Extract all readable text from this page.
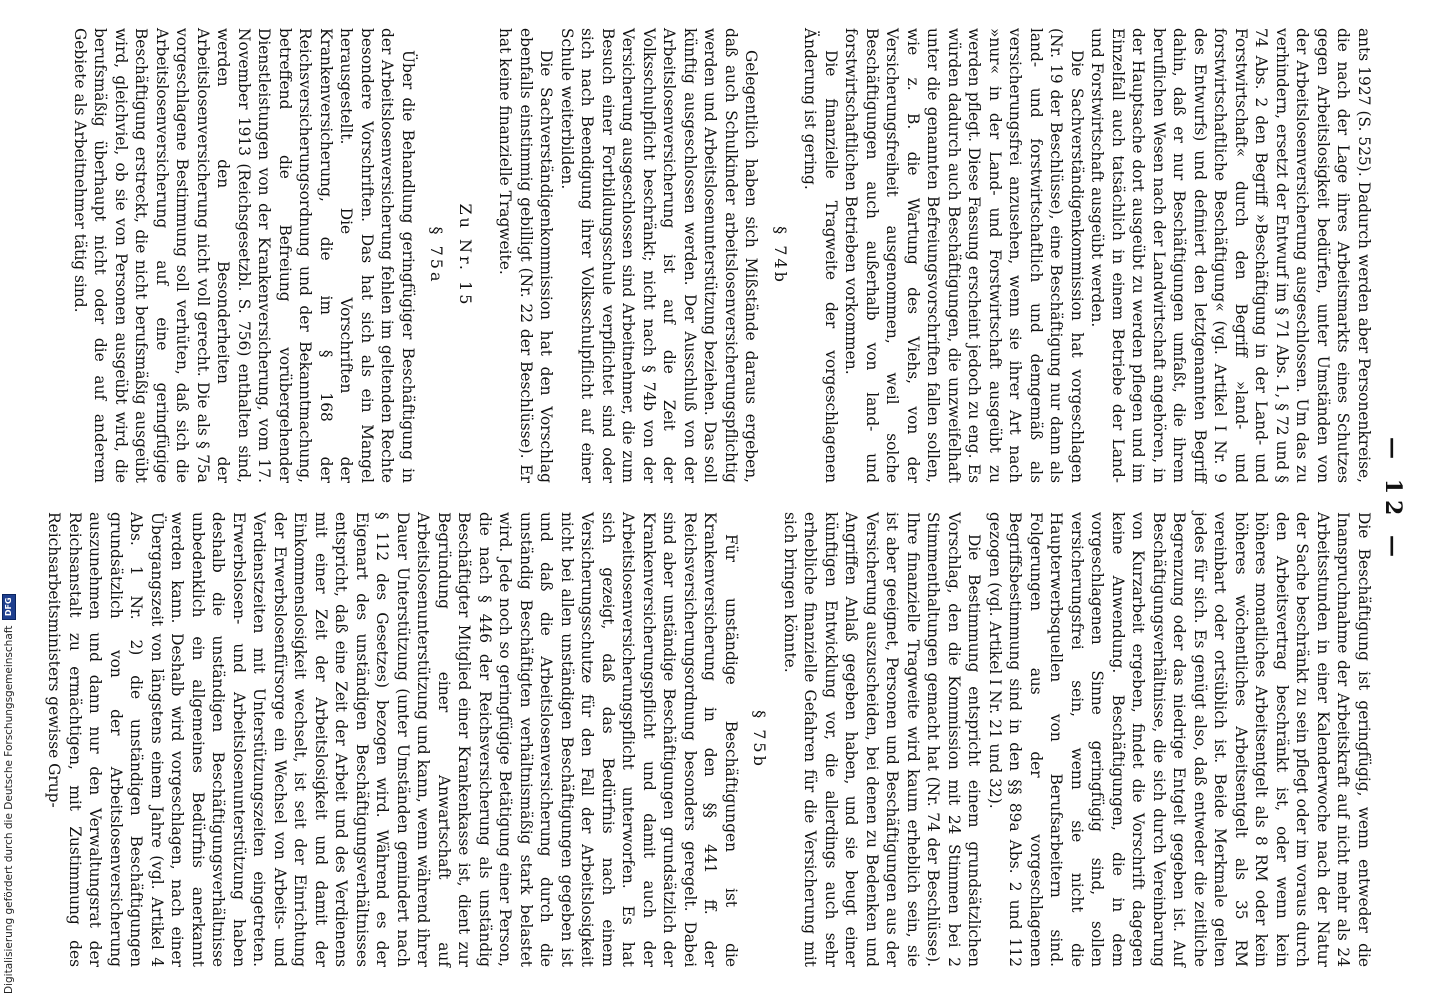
— 12 —

ants 1927 (S. 525). Dadurch werden aber Personenkreise, die nach der Lage ihres Arbeitsmarkts eines Schutzes gegen Arbeitslosigkeit bedürfen, unter Umständen von der Arbeitslosenversicherung ausgeschlossen. Um das zu verhindern, ersetzt der Entwurf im § 71 Abs. 1, § 72 und § 74 Abs. 2 den Begriff »Beschäftigung in der Land- und Forstwirtschaft« durch den Begriff »land- und forstwirtschaftliche Beschäftigung« (vgl. Artikel I Nr. 9 des Entwurfs) und definiert den letztgenannten Begriff dahin, daß er nur Beschäftigungen umfaßt, die ihrem beruflichen Wesen nach der Landwirtschaft angehören, in der Hauptsache dort ausgeübt zu werden pflegen und im Einzelfall auch tatsächlich in einem Betriebe der Land- und Forstwirtschaft ausgeübt werden.

Die Sachverständigenkommission hat vorgeschlagen (Nr. 19 der Beschlüsse), eine Beschäftigung nur dann als land- und forstwirtschaftlich und demgemäß als versicherungsfrei anzusehen, wenn sie ihrer Art nach »nur« in der Land- und Forstwirtschaft ausgeübt zu werden pflegt. Diese Fassung erscheint jedoch zu eng. Es würden dadurch auch Beschäftigungen, die unzweifelhaft unter die genannten Befreiungsvorschriften fallen sollen, wie z. B. die Wartung des Viehs, von der Versicherungsfreiheit ausgenommen, weil solche Beschäftigungen auch außerhalb von land- und forstwirtschaftlichen Betrieben vorkommen.

Die finanzielle Tragweite der vorgeschlagenen Änderung ist gering.

§ 74b

Gelegentlich haben sich Mißstände daraus ergeben, daß auch Schulkinder arbeitslosenversicherungspflichtig werden und Arbeitslosenunterstützung beziehen. Das soll künftig ausgeschlossen werden. Der Ausschluß von der Arbeitslosenversicherung ist auf die Zeit der Volksschulpflicht beschränkt; nicht nach § 74b von der Versicherung ausgeschlossen sind Arbeitnehmer, die zum Besuch einer Fortbildungsschule verpflichtet sind oder sich nach Beendigung ihrer Volksschulpflicht auf einer Schule weiterbilden.

Die Sachverständigenkommission hat den Vorschlag ebenfalls einstimmig gebilligt (Nr. 22 der Beschlüsse). Er hat keine finanzielle Tragweite.

Zu Nr. 15
§ 75a

Über die Behandlung geringfügiger Beschäftigung in der Arbeitslosenversicherung fehlen im geltenden Rechte besondere Vorschriften. Das hat sich als ein Mangel herausgestellt. Die Vorschriften der Krankenversicherung, die im § 168 der Reichsversicherungsordnung und der Bekanntmachung, betreffend die Befreiung vorübergehender Dienstleistungen von der Krankenversicherung, vom 17. November 1913 (Reichsgesetzbl. S. 756) enthalten sind, werden den Besonderheiten der Arbeitslosenversicherung nicht voll gerecht. Die als § 75a vorgeschlagene Bestimmung soll verhüten, daß sich die Arbeitslosenversicherung auf eine geringfügige Beschäftigung erstreckt, die nicht berufsmäßig ausgeübt wird, gleichviel, ob sie von Personen ausgeübt wird, die berufsmäßig überhaupt nicht oder die auf anderem Gebiete als Arbeitnehmer tätig sind.

Die Beschäftigung ist geringfügig, wenn entweder die Inanspruchnahme der Arbeitskraft auf nicht mehr als 24 Arbeitsstunden in einer Kalenderwoche nach der Natur der Sache beschränkt zu sein pflegt oder im voraus durch den Arbeitsvertrag beschränkt ist, oder wenn kein höheres monatliches Arbeitsentgelt als 8 RM oder kein höheres wöchentliches Arbeitsentgelt als 35 RM vereinbart oder ortsüblich ist. Beide Merkmale gelten jedes für sich. Es genügt also, daß entweder die zeitliche Begrenzung oder das niedrige Entgelt gegeben ist. Auf Beschäftigungsverhältnisse, die sich durch Vereinbarung von Kurzarbeit ergeben, findet die Vorschrift dagegen keine Anwendung. Beschäftigungen, die in dem vorgeschlagenen Sinne geringfügig sind, sollen versicherungsfrei sein, wenn sie nicht die Haupterwerbsquellen von Berufsarbeitern sind. Folgerungen aus der vorgeschlagenen Begriffsbestimmung sind in den §§ 89a Abs. 2 und 112 gezogen (vgl. Artikel I Nr. 21 und 32).

Die Bestimmung entspricht einem grundsätzlichen Vorschlag, den die Kommission mit 24 Stimmen bei 2 Stimmenthaltungen gemacht hat (Nr. 74 der Beschlüsse). Ihre finanzielle Tragweite wird kaum erheblich sein, sie ist aber geeignet, Personen und Beschäftigungen aus der Versicherung auszuscheiden, bei denen zu Bedenken und Angriffen Anlaß gegeben haben, und sie beugt einer künftigen Entwicklung vor, die allerdings auch sehr erhebliche finanzielle Gefahren für die Versicherung mit sich bringen könnte.

§ 75b

Für unständige Beschäftigungen ist die Krankenversicherung in den §§ 441 ff. der Reichsversicherungsordnung besonders geregelt. Dabei sind aber unständige Beschäftigungen grundsätzlich der Krankenversicherungspflicht und damit auch der Arbeitslosenversicherungspflicht unterworfen. Es hat sich gezeigt, daß das Bedürfnis nach einem Versicherungsschutze für den Fall der Arbeitslosigkeit nicht bei allen unständigen Beschäftigungen gegeben ist und daß die Arbeitslosenversicherung durch die unständig Beschäftigten verhältnismäßig stark belastet wird. Jede noch so geringfügige Betätigung einer Person, die nach § 446 der Reichsversicherung als unständig Beschäftigter Mitglied einer Krankenkasse ist, dient zur Begründung einer Anwartschaft auf Arbeitslosenunterstützung und kann, wenn während ihrer Dauer Unterstützung (unter Umständen gemindert nach § 112 des Gesetzes) bezogen wird. Während es der Eigenart des unständigen Beschäftigungsverhältnisses entspricht, daß eine Zeit der Arbeit und des Verdienens mit einer Zeit der Arbeitslosigkeit und damit der Einkommenslosigkeit wechselt, ist seit der Einrichtung der Erwerbslosenfürsorge ein Wechsel von Arbeits- und Verdienstzeiten mit Unterstützungszeiten eingetreten. Erwerbslosen- und Arbeitslosenunterstützung haben deshalb die unständigen Beschäftigungsverhältnisse unbedenklich ein allgemeines Bedürfnis anerkannt werden kann. Deshalb wird vorgeschlagen, nach einer Übergangszeit von längstens einem Jahre (vgl. Artikel 4 Abs. 1 Nr. 2) die unständigen Beschäftigungen grundsätzlich von der Arbeitslosenversicherung auszunehmen und dann nur den Verwaltungsrat der Reichsanstalt zu ermächtigen, mit Zustimmung des Reichsarbeitsministers gewisse Grup-

Digitalisierung gefördert durch die Deutsche Forschungsgemeinschaft
DFG
